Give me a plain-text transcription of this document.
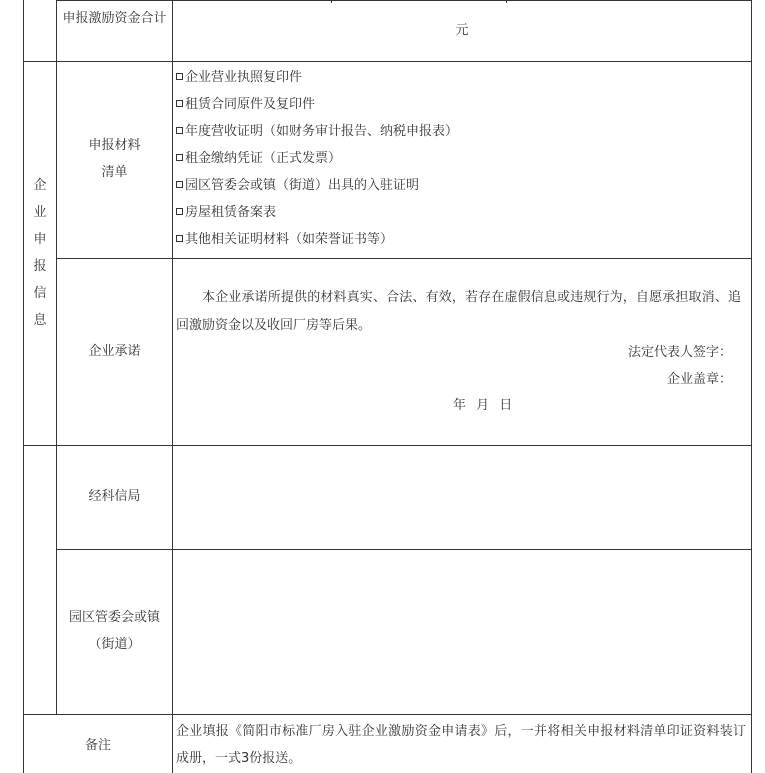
申报激励资金合计
元
企
业
申
报
信
息
申报材料
清单
企业营业执照复印件
租赁合同原件及复印件
年度营收证明（如财务审计报告、纳税申报表）
租金缴纳凭证（正式发票）
园区管委会或镇（街道）出具的入驻证明
房屋租赁备案表
其他相关证明材料（如荣誉证书等）
企业承诺
本企业承诺所提供的材料真实、合法、有效，若存在虚假信息或违规行为，自愿承担取消、追回激励资金以及收回厂房等后果。
法定代表人签字：
企业盖章：
年 月 日
经科信局
园区管委会或镇
（街道）
备注
企业填报《简阳市标准厂房入驻企业激励资金申请表》后，一并将相关申报材料清单印证资料装订成册，一式3份报送。
